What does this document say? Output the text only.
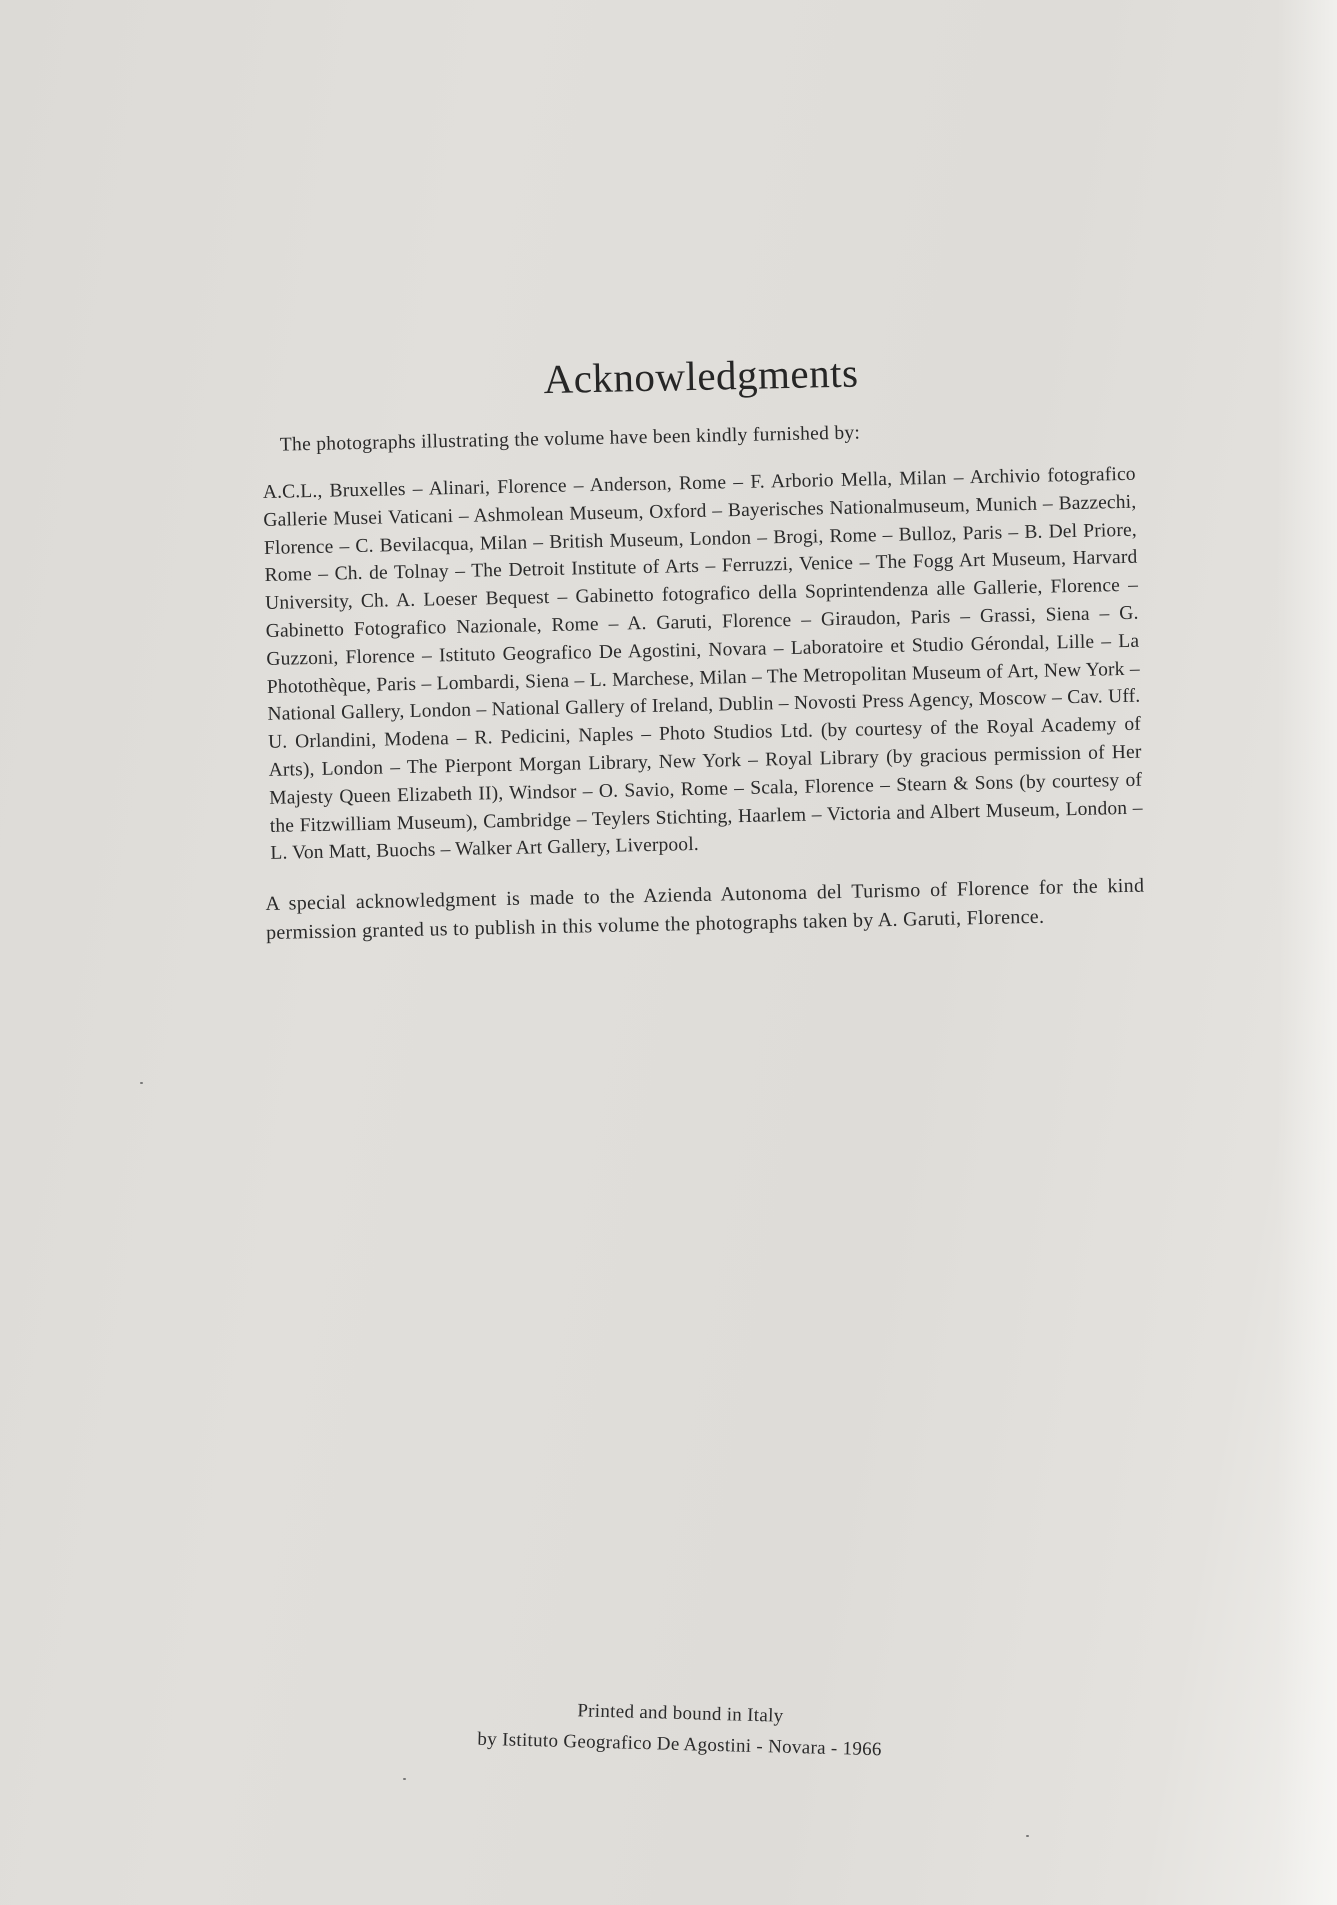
Acknowledgments

The photographs illustrating the volume have been kindly furnished by:

A.C.L., Bruxelles – Alinari, Florence – Anderson, Rome – F. Arborio Mella, Milan – Archivio fotografico Gallerie Musei Vaticani – Ashmolean Museum, Oxford – Bayerisches Nationalmuseum, Munich – Bazzechi, Florence – C. Bevilacqua, Milan – British Museum, London – Brogi, Rome – Bulloz, Paris – B. Del Priore, Rome – Ch. de Tolnay – The Detroit Institute of Arts – Ferruzzi, Venice – The Fogg Art Museum, Harvard University, Ch. A. Loeser Bequest – Gabinetto fotografico della Soprintendenza alle Gallerie, Florence – Gabinetto Fotografico Nazionale, Rome – A. Garuti, Florence – Giraudon, Paris – Grassi, Siena – G. Guzzoni, Florence – Istituto Geografico De Agostini, Novara – Laboratoire et Studio Gérondal, Lille – La Photothèque, Paris – Lombardi, Siena – L. Marchese, Milan – The Metropolitan Museum of Art, New York – National Gallery, London – National Gallery of Ireland, Dublin – Novosti Press Agency, Moscow – Cav. Uff. U. Orlandini, Modena – R. Pedicini, Naples – Photo Studios Ltd. (by courtesy of the Royal Academy of Arts), London – The Pierpont Morgan Library, New York – Royal Library (by gracious permission of Her Majesty Queen Elizabeth II), Windsor – O. Savio, Rome – Scala, Florence – Stearn & Sons (by courtesy of the Fitzwilliam Museum), Cambridge – Teylers Stichting, Haarlem – Victoria and Albert Museum, London – L. Von Matt, Buochs – Walker Art Gallery, Liverpool.

A special acknowledgment is made to the Azienda Autonoma del Turismo of Florence for the kind permission granted us to publish in this volume the photographs taken by A. Garuti, Florence.

Printed and bound in Italy
by Istituto Geografico De Agostini - Novara - 1966
